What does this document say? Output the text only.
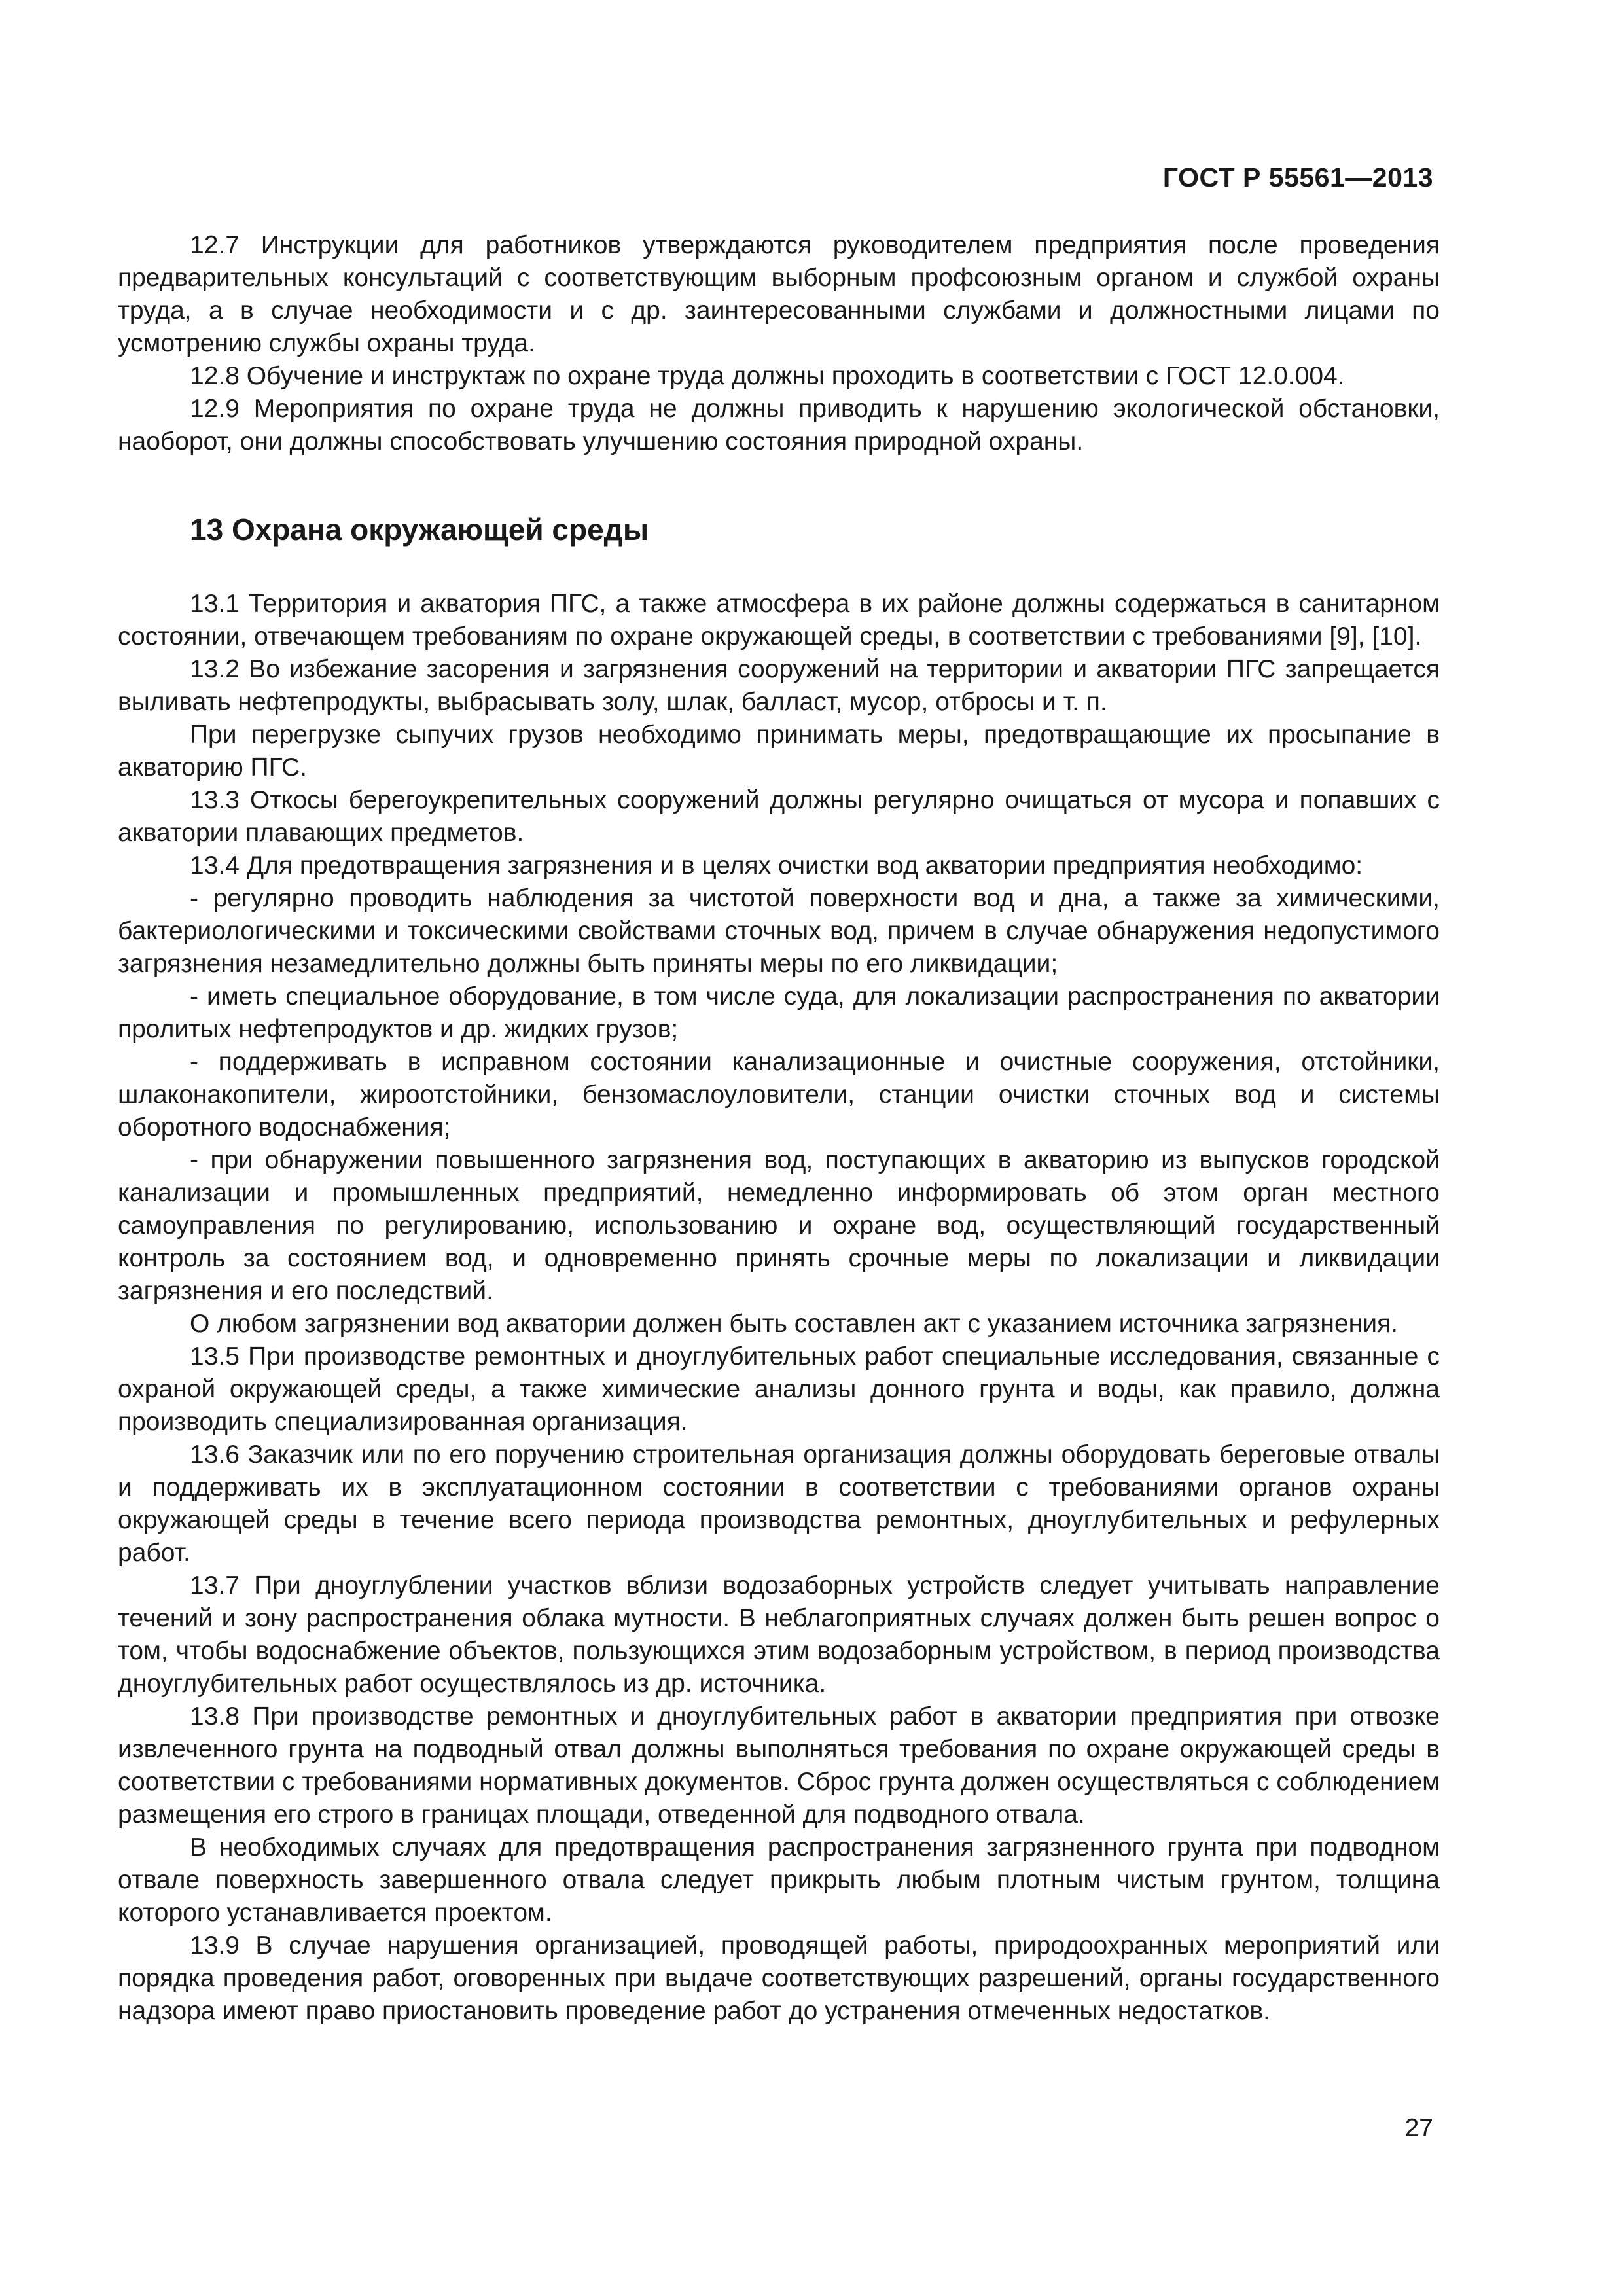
ГОСТ Р 55561—2013

12.7 Инструкции для работников утверждаются руководителем предприятия после проведения предварительных консультаций с соответствующим выборным профсоюзным органом и службой охраны труда, а в случае необходимости и с др. заинтересованными службами и должностными лицами по усмотрению службы охраны труда.

12.8 Обучение и инструктаж по охране труда должны проходить в соответствии с ГОСТ 12.0.004.

12.9 Мероприятия по охране труда не должны приводить к нарушению экологической обстановки, наоборот, они должны способствовать улучшению состояния природной охраны.

13 Охрана окружающей среды

13.1 Территория и акватория ПГС, а также атмосфера в их районе должны содержаться в санитарном состоянии, отвечающем требованиям по охране окружающей среды, в соответствии с требованиями [9], [10].

13.2 Во избежание засорения и загрязнения сооружений на территории и акватории ПГС запрещается выливать нефтепродукты, выбрасывать золу, шлак, балласт, мусор, отбросы и т. п.

При перегрузке сыпучих грузов необходимо принимать меры, предотвращающие их просыпание в акваторию ПГС.

13.3 Откосы берегоукрепительных сооружений должны регулярно очищаться от мусора и попавших с акватории плавающих предметов.

13.4 Для предотвращения загрязнения и в целях очистки вод акватории предприятия необходимо:

- регулярно проводить наблюдения за чистотой поверхности вод и дна, а также за химическими, бактериологическими и токсическими свойствами сточных вод, причем в случае обнаружения недопустимого загрязнения незамедлительно должны быть приняты меры по его ликвидации;

- иметь специальное оборудование, в том числе суда, для локализации распространения по акватории пролитых нефтепродуктов и др. жидких грузов;

- поддерживать в исправном состоянии канализационные и очистные сооружения, отстойники, шлаконакопители, жироотстойники, бензомаслоуловители, станции очистки сточных вод и системы оборотного водоснабжения;

- при обнаружении повышенного загрязнения вод, поступающих в акваторию из выпусков городской канализации и промышленных предприятий, немедленно информировать об этом орган местного самоуправления по регулированию, использованию и охране вод, осуществляющий государственный контроль за состоянием вод, и одновременно принять срочные меры по локализации и ликвидации загрязнения и его последствий.

О любом загрязнении вод акватории должен быть составлен акт с указанием источника загрязнения.

13.5 При производстве ремонтных и дноуглубительных работ специальные исследования, связанные с охраной окружающей среды, а также химические анализы донного грунта и воды, как правило, должна производить специализированная организация.

13.6 Заказчик или по его поручению строительная организация должны оборудовать береговые отвалы и поддерживать их в эксплуатационном состоянии в соответствии с требованиями органов охраны окружающей среды в течение всего периода производства ремонтных, дноуглубительных и рефулерных работ.

13.7 При дноуглублении участков вблизи водозаборных устройств следует учитывать направление течений и зону распространения облака мутности. В неблагоприятных случаях должен быть решен вопрос о том, чтобы водоснабжение объектов, пользующихся этим водозаборным устройством, в период производства дноуглубительных работ осуществлялось из др. источника.

13.8 При производстве ремонтных и дноуглубительных работ в акватории предприятия при отвозке извлеченного грунта на подводный отвал должны выполняться требования по охране окружающей среды в соответствии с требованиями нормативных документов. Сброс грунта должен осуществляться с соблюдением размещения его строго в границах площади, отведенной для подводного отвала.

В необходимых случаях для предотвращения распространения загрязненного грунта при подводном отвале поверхность завершенного отвала следует прикрыть любым плотным чистым грунтом, толщина которого устанавливается проектом.

13.9 В случае нарушения организацией, проводящей работы, природоохранных мероприятий или порядка проведения работ, оговоренных при выдаче соответствующих разрешений, органы государственного надзора имеют право приостановить проведение работ до устранения отмеченных недостатков.

27
